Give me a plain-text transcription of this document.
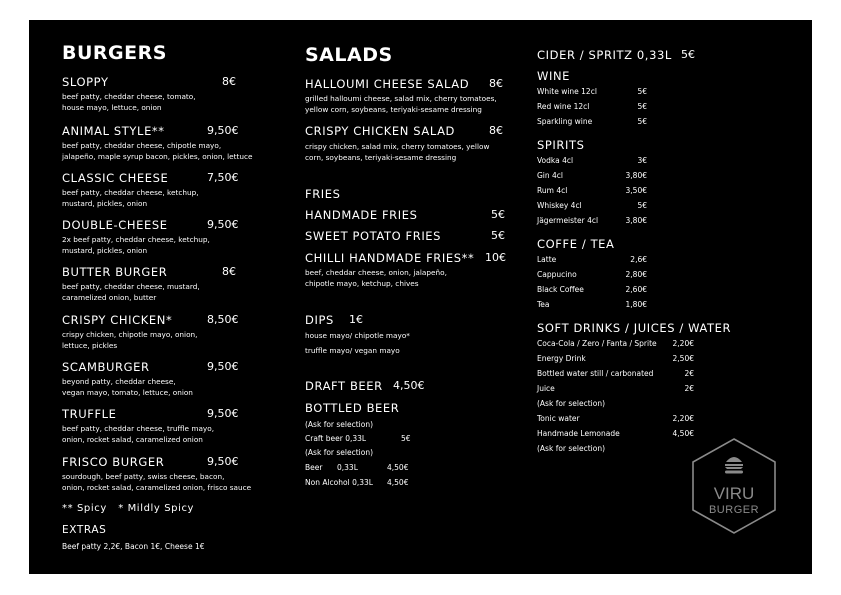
BURGERS
SLOPPY	8€
beef patty, cheddar cheese, tomato,
house mayo, lettuce, onion
ANIMAL STYLE**	9,50€
beef patty, cheddar cheese, chipotle mayo,
jalapeño, maple syrup bacon, pickles, onion, lettuce
CLASSIC CHEESE	7,50€
beef patty, cheddar cheese, ketchup,
mustard, pickles, onion
DOUBLE-CHEESE	9,50€
2x beef patty, cheddar cheese, ketchup,
mustard, pickles, onion
BUTTER BURGER	8€
beef patty, cheddar cheese, mustard,
caramelized onion, butter
CRISPY CHICKEN*	8,50€
crispy chicken, chipotle mayo, onion,
lettuce, pickles
SCAMBURGER	9,50€
beyond patty, cheddar cheese,
vegan mayo, tomato, lettuce, onion
TRUFFLE	9,50€
beef patty, cheddar cheese, truffle mayo,
onion, rocket salad, caramelized onion
FRISCO BURGER	9,50€
sourdough, beef patty, swiss cheese, bacon,
onion, rocket salad, caramelized onion, frisco sauce
** Spicy   * Mildly Spicy
EXTRAS
Beef patty 2,2€, Bacon 1€, Cheese 1€
SALADS
HALLOUMI CHEESE SALAD 8€
grilled halloumi cheese, salad mix, cherry tomatoes,
yellow corn, soybeans, teriyaki-sesame dressing
CRISPY CHICKEN SALAD	8€
crispy chicken, salad mix, cherry tomatoes, yellow
corn, soybeans, teriyaki-sesame dressing
FRIES
HANDMADE FRIES	5€
SWEET POTATO FRIES	5€
CHILLI HANDMADE FRIES** 10€
beef, cheddar cheese, onion, jalapeño,
chipotle mayo, ketchup, chives
DIPS 1€
house mayo/ chipotle mayo*
truffle mayo/ vegan mayo
DRAFT BEER 4,50€
BOTTLED BEER
(Ask for selection)
Craft beer 0,33L	5€
(Ask for selection)
Beer 0,33L	4,50€
Non Alcohol 0,33L 4,50€
CIDER / SPRITZ 0,33L 5€
WINE
White wine 12cl	5€
Red wine 12cl	5€
Sparkling wine	5€
SPIRITS
Vodka 4cl	3€
Gin 4cl	3,80€
Rum 4cl	3,50€
Whiskey 4cl	5€
Jägermeister 4cl	3,80€
COFFE / TEA
Latte	2,6€
Cappucino	2,80€
Black Coffee	2,60€
Tea	1,80€
SOFT DRINKS / JUICES / WATER
Coca-Cola / Zero / Fanta / Sprite	2,20€
Energy Drink	2,50€
Bottled water still / carbonated	2€
Juice	2€
(Ask for selection)
Tonic water	2,20€
Handmade Lemonade	4,50€
(Ask for selection)
VIRU
BURGER
